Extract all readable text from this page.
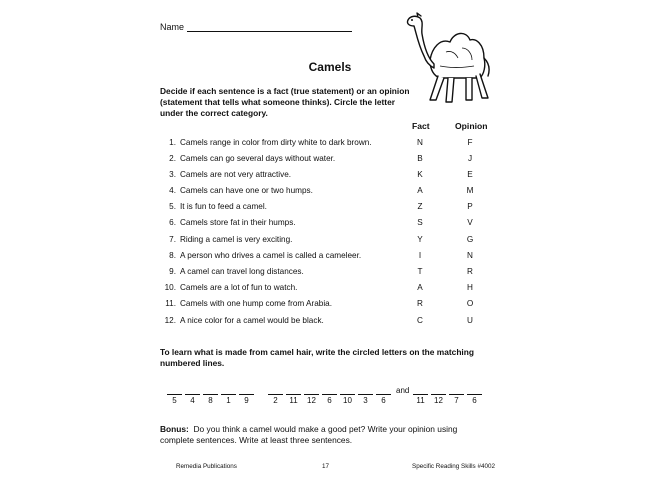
Name
Camels
Decide if each sentence is a fact (true statement) or an opinion (statement that tells what someone thinks). Circle the letter under the correct category.
Fact	Opinion
1. Camels range in color from dirty white to dark brown.	N	F
2. Camels can go several days without water.	B	J
3. Camels are not very attractive.	K	E
4. Camels can have one or two humps.	A	M
5. It is fun to feed a camel.	Z	P
6. Camels store fat in their humps.	S	V
7. Riding a camel is very exciting.	Y	G
8. A person who drives a camel is called a cameleer.	I	N
9. A camel can travel long distances.	T	R
10. Camels are a lot of fun to watch.	A	H
11. Camels with one hump come from Arabia.	R	O
12. A nice color for a camel would be black.	C	U
To learn what is made from camel hair, write the circled letters on the matching numbered lines.
5	4	8	1	9	2	11	12	6	10	3	6
and
11	12	7	6
Bonus: Do you think a camel would make a good pet? Write your opinion using complete sentences. Write at least three sentences.
Remedia Publications	17	Specific Reading Skills #4002
